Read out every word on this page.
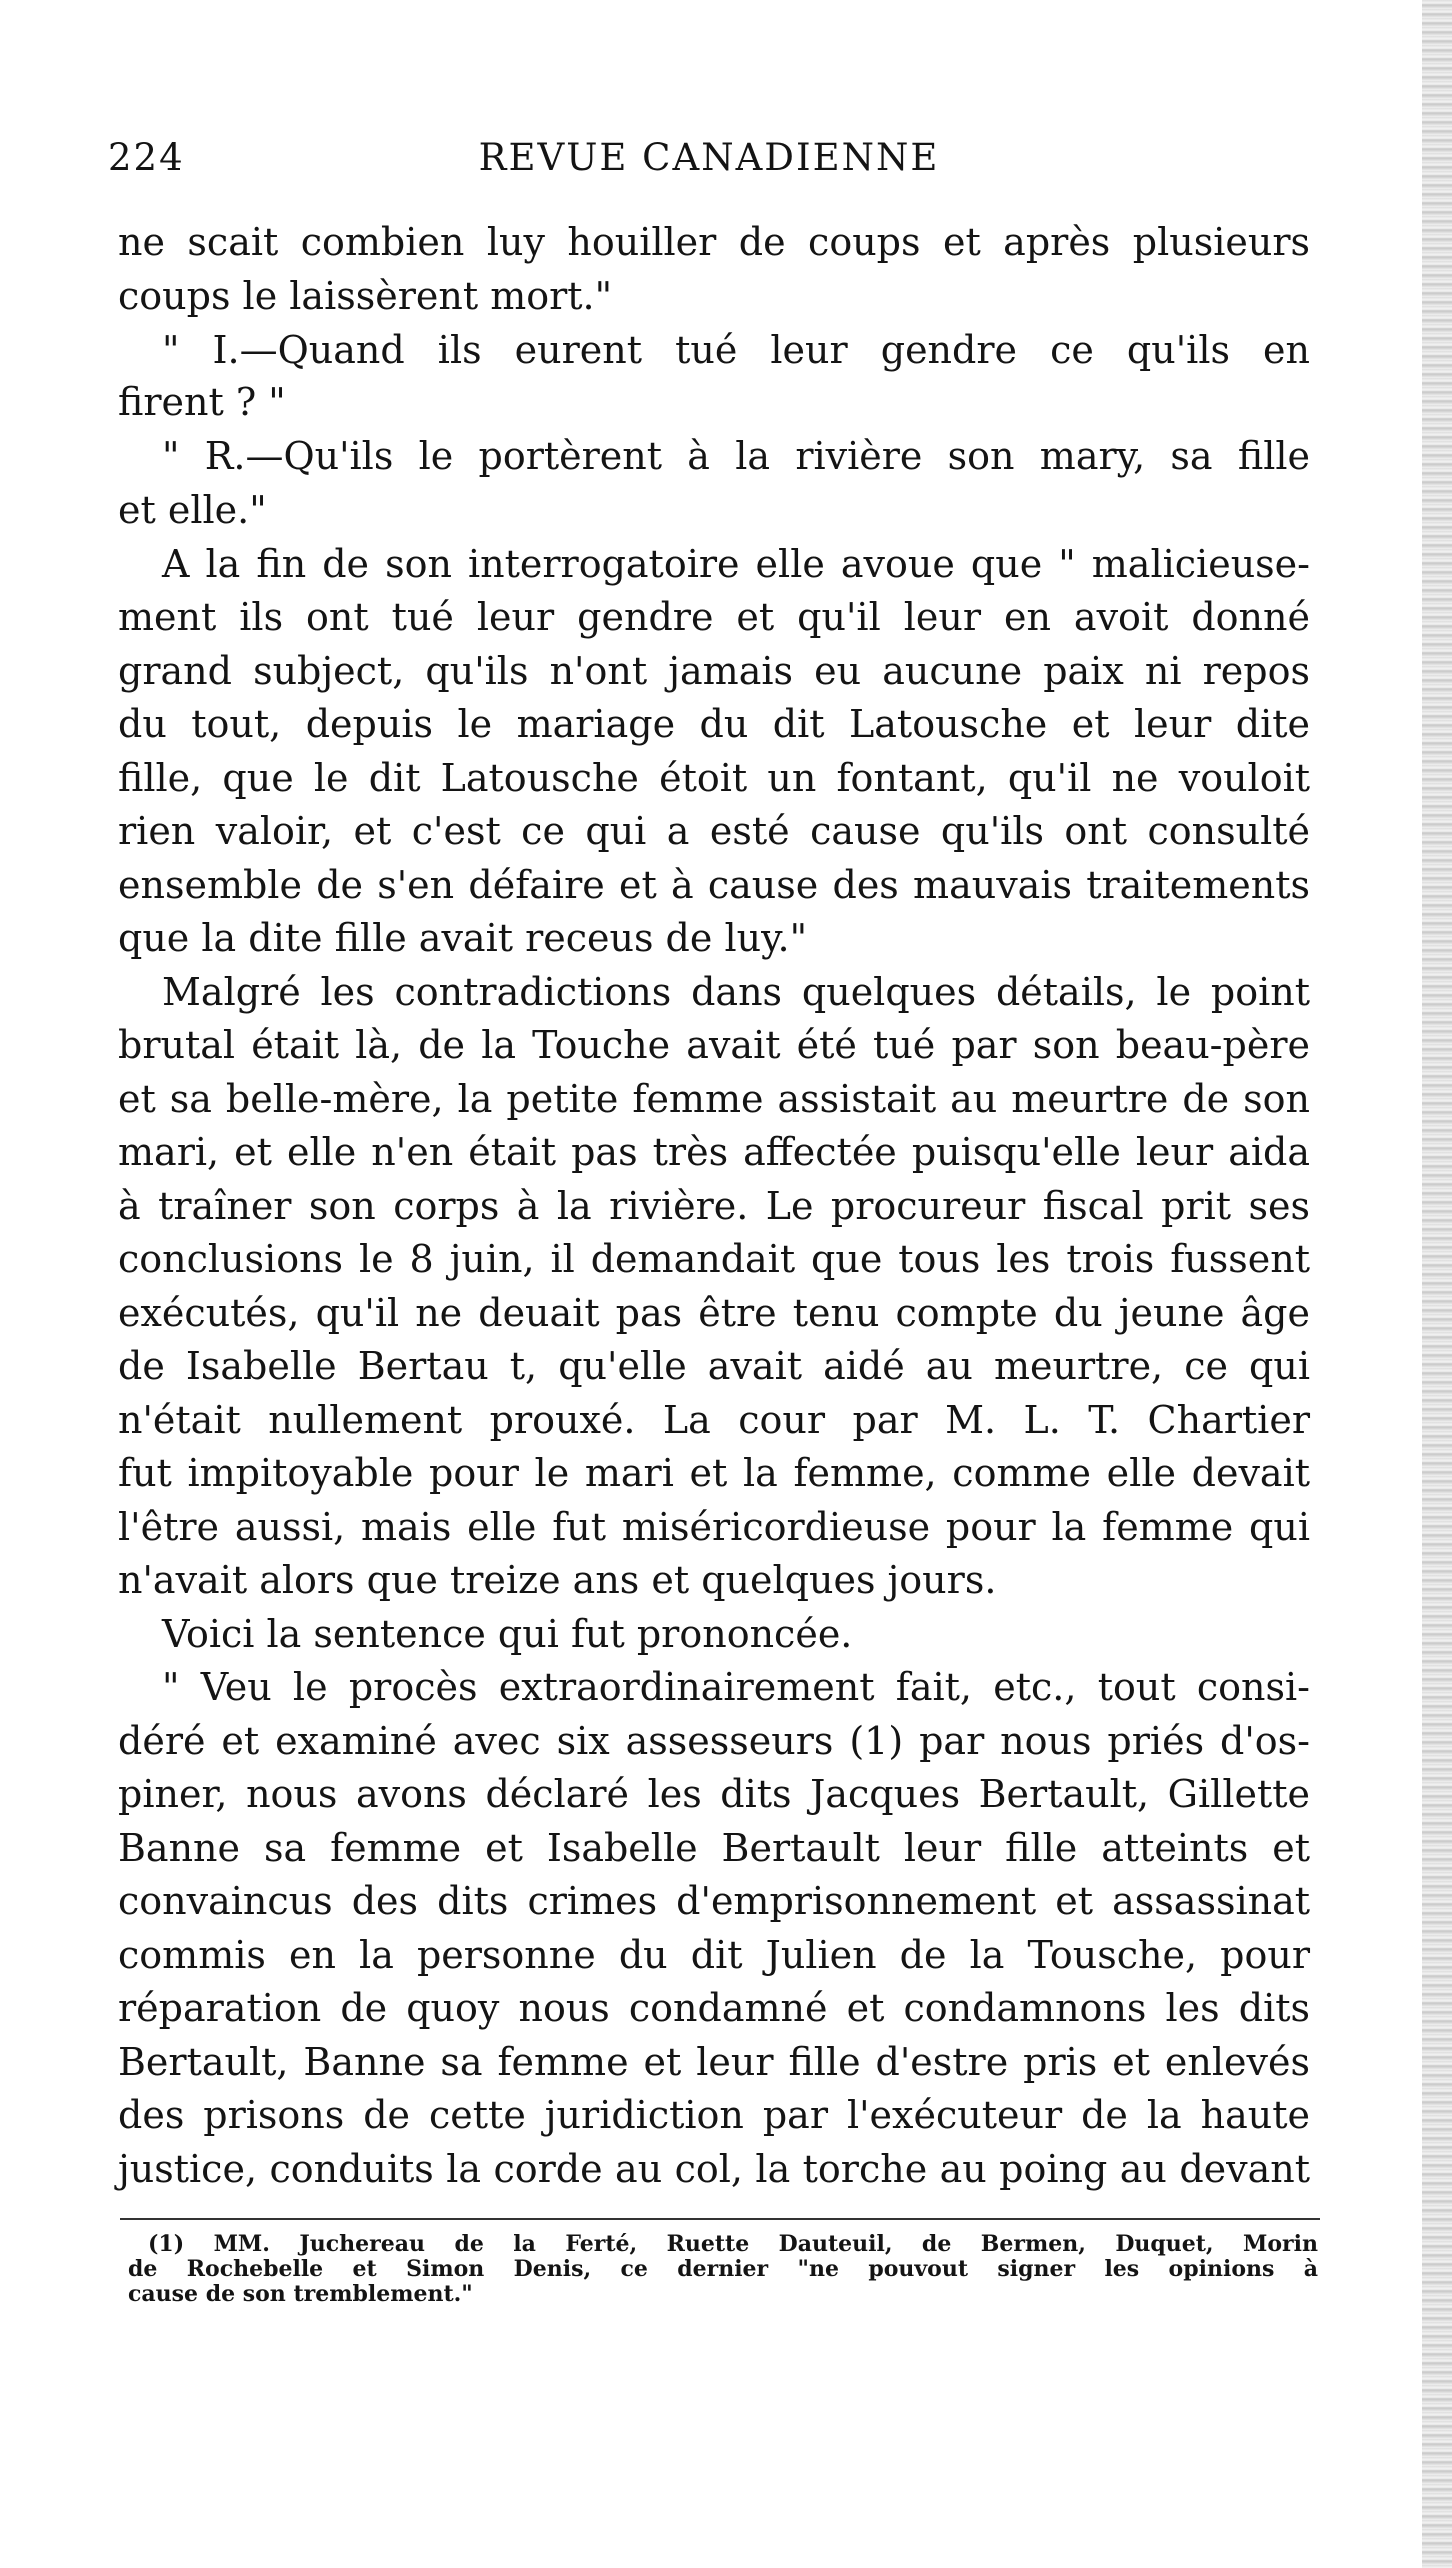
224	REVUE CANADIENNE
ne scait combien luy houiller de coups et après plusieurs
coups le laissèrent mort."
" I.—Quand ils eurent tué leur gendre ce qu'ils en
firent ? "
" R.—Qu'ils le portèrent à la rivière son mary, sa fille
et elle."
A la fin de son interrogatoire elle avoue que " malicieuse-
ment ils ont tué leur gendre et qu'il leur en avoit donné
grand subject, qu'ils n'ont jamais eu aucune paix ni repos
du tout, depuis le mariage du dit Latousche et leur dite
fille, que le dit Latousche étoit un fontant, qu'il ne vouloit
rien valoir, et c'est ce qui a esté cause qu'ils ont consulté
ensemble de s'en défaire et à cause des mauvais traitements
que la dite fille avait receus de luy."
Malgré les contradictions dans quelques détails, le point
brutal était là, de la Touche avait été tué par son beau-père
et sa belle-mère, la petite femme assistait au meurtre de son
mari, et elle n'en était pas très affectée puisqu'elle leur aida
à traîner son corps à la rivière. Le procureur fiscal prit ses
conclusions le 8 juin, il demandait que tous les trois fussent
exécutés, qu'il ne deuait pas être tenu compte du jeune âge
de Isabelle Bertau t, qu'elle avait aidé au meurtre, ce qui
n'était nullement prouxé. La cour par M. L. T. Chartier
fut impitoyable pour le mari et la femme, comme elle devait
l'être aussi, mais elle fut miséricordieuse pour la femme qui
n'avait alors que treize ans et quelques jours.
Voici la sentence qui fut prononcée.
" Veu le procès extraordinairement fait, etc., tout consi-
déré et examiné avec six assesseurs (1) par nous priés d'os-
piner, nous avons déclaré les dits Jacques Bertault, Gillette
Banne sa femme et Isabelle Bertault leur fille atteints et
convaincus des dits crimes d'emprisonnement et assassinat
commis en la personne du dit Julien de la Tousche, pour
réparation de quoy nous condamné et condamnons les dits
Bertault, Banne sa femme et leur fille d'estre pris et enlevés
des prisons de cette juridiction par l'exécuteur de la haute
justice, conduits la corde au col, la torche au poing au devant
(1) MM. Juchereau de la Ferté, Ruette Dauteuil, de Bermen, Duquet, Morin
de Rochebelle et Simon Denis, ce dernier "ne pouvout signer les opinions à
cause de son tremblement."
